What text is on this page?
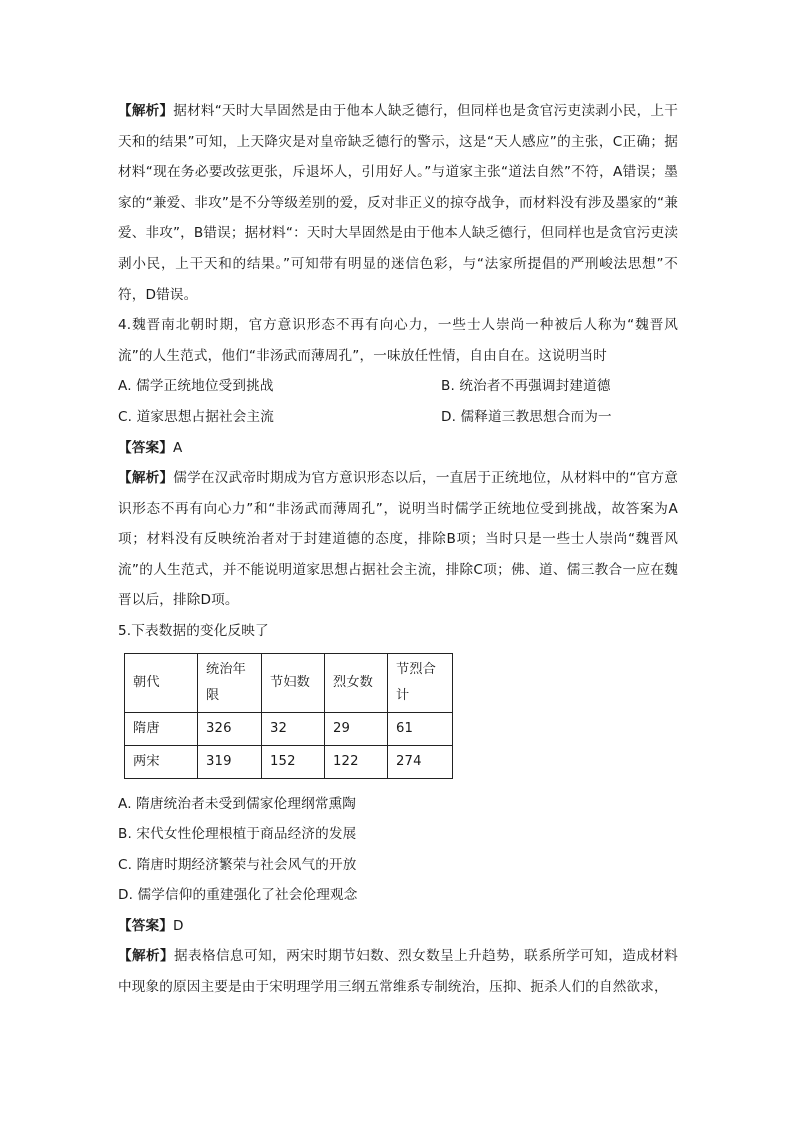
【解析】据材料“天时大旱固然是由于他本人缺乏德行，但同样也是贪官污吏渎剥小民，上干天和的结果”可知，上天降灾是对皇帝缺乏德行的警示，这是“天人感应”的主张，C正确；据材料“现在务必要改弦更张，斥退坏人，引用好人。”与道家主张“道法自然”不符，A错误；墨家的“兼爱、非攻”是不分等级差别的爱，反对非正义的掠夺战争，而材料没有涉及墨家的“兼爱、非攻”，B错误；据材料“：天时大旱固然是由于他本人缺乏德行，但同样也是贪官污吏渎剥小民，上干天和的结果。”可知带有明显的迷信色彩，与“法家所提倡的严刑峻法思想”不符，D错误。

4.魏晋南北朝时期，官方意识形态不再有向心力，一些士人崇尚一种被后人称为“魏晋风流”的人生范式，他们“非汤武而薄周孔”，一味放任性情，自由自在。这说明当时

A. 儒学正统地位受到挑战	B. 统治者不再强调封建道德
C. 道家思想占据社会主流	D. 儒释道三教思想合而为一

【答案】A

【解析】儒学在汉武帝时期成为官方意识形态以后，一直居于正统地位，从材料中的“官方意识形态不再有向心力”和“非汤武而薄周孔”，说明当时儒学正统地位受到挑战，故答案为A项；材料没有反映统治者对于封建道德的态度，排除B项；当时只是一些士人崇尚“魏晋风流”的人生范式，并不能说明道家思想占据社会主流，排除C项；佛、道、儒三教合一应在魏晋以后，排除D项。

5.下表数据的变化反映了

朝代	统治年限	节妇数	烈女数	节烈合计
隋唐	326	32	29	61
两宋	319	152	122	274
A. 隋唐统治者未受到儒家伦理纲常熏陶
B. 宋代女性伦理根植于商品经济的发展
C. 隋唐时期经济繁荣与社会风气的开放
D. 儒学信仰的重建强化了社会伦理观念

【答案】D

【解析】据表格信息可知，两宋时期节妇数、烈女数呈上升趋势，联系所学可知，造成材料中现象的原因主要是由于宋明理学用三纲五常维系专制统治，压抑、扼杀人们的自然欲求，
